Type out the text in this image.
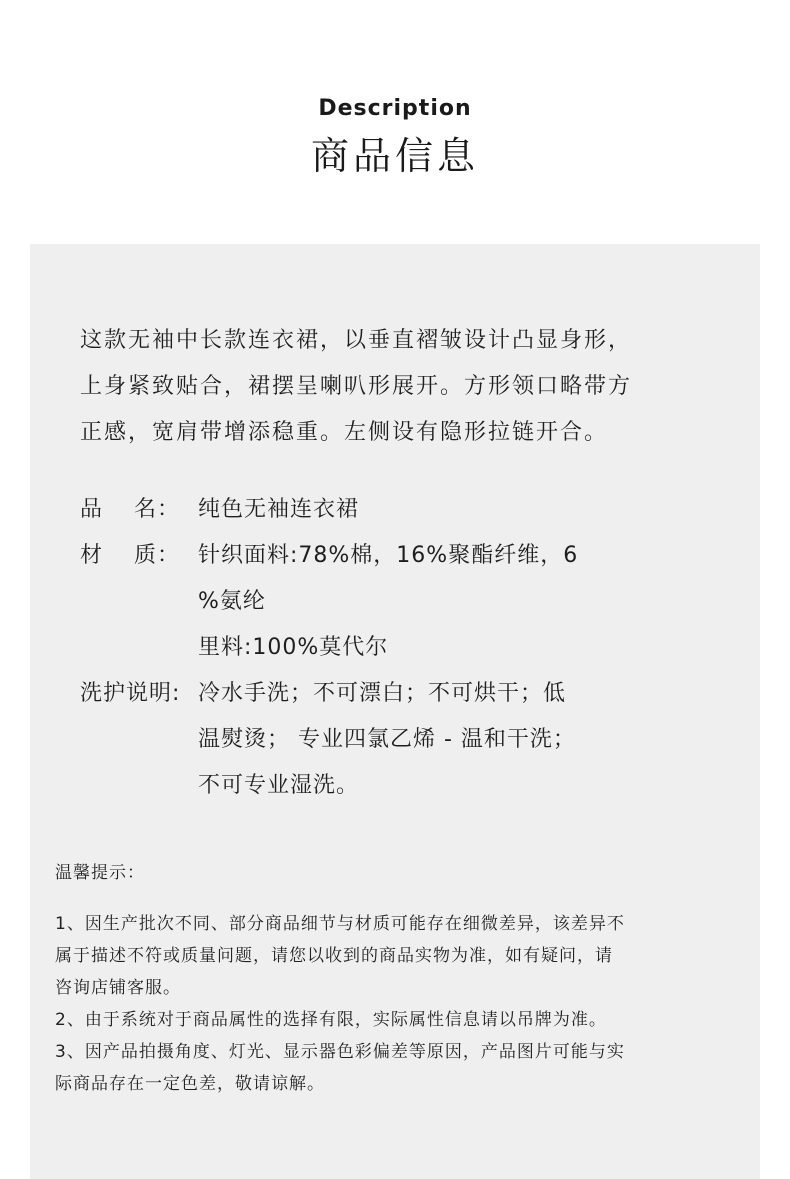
Description
商品信息
这款无袖中长款连衣裙，以垂直褶皱设计凸显身形，
上身紧致贴合，裙摆呈喇叭形展开。方形领口略带方
正感，宽肩带增添稳重。左侧设有隐形拉链开合。
品　 名： 纯色无袖连衣裙
材　 质： 针织面料:78%棉，16%聚酯纤维，6
%氨纶
里料:100%莫代尔
洗护说明: 冷水手洗；不可漂白；不可烘干；低
温熨烫； 专业四氯乙烯 - 温和干洗；
不可专业湿洗。
温馨提示：
1、因生产批次不同、部分商品细节与材质可能存在细微差异，该差异不
属于描述不符或质量问题，请您以收到的商品实物为准，如有疑问，请
咨询店铺客服。
2、由于系统对于商品属性的选择有限，实际属性信息请以吊牌为准。
3、因产品拍摄角度、灯光、显示器色彩偏差等原因，产品图片可能与实
际商品存在一定色差，敬请谅解。
